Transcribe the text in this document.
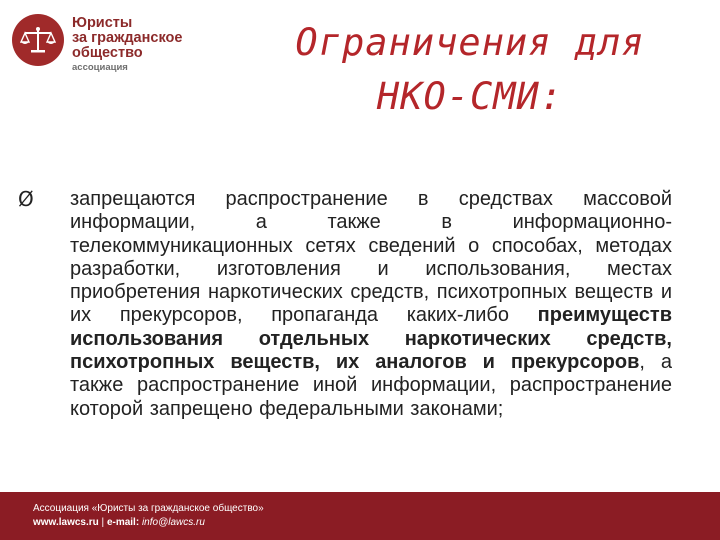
Юристы
за гражданское
общество
ассоциация
Ограничения для
НКО-СМИ:
Ø запрещаются распространение в средствах массовой информации, а также в информационно-телекоммуникационных сетях сведений о способах, методах разработки, изготовления и использования, местах приобретения наркотических средств, психотропных веществ и их прекурсоров, пропаганда каких-либо преимуществ использования отдельных наркотических средств, психотропных веществ, их аналогов и прекурсоров, а также распространение иной информации, распространение которой запрещено федеральными законами;
Ассоциация «Юристы за гражданское общество»
www.lawcs.ru | e-mail: info@lawcs.ru
